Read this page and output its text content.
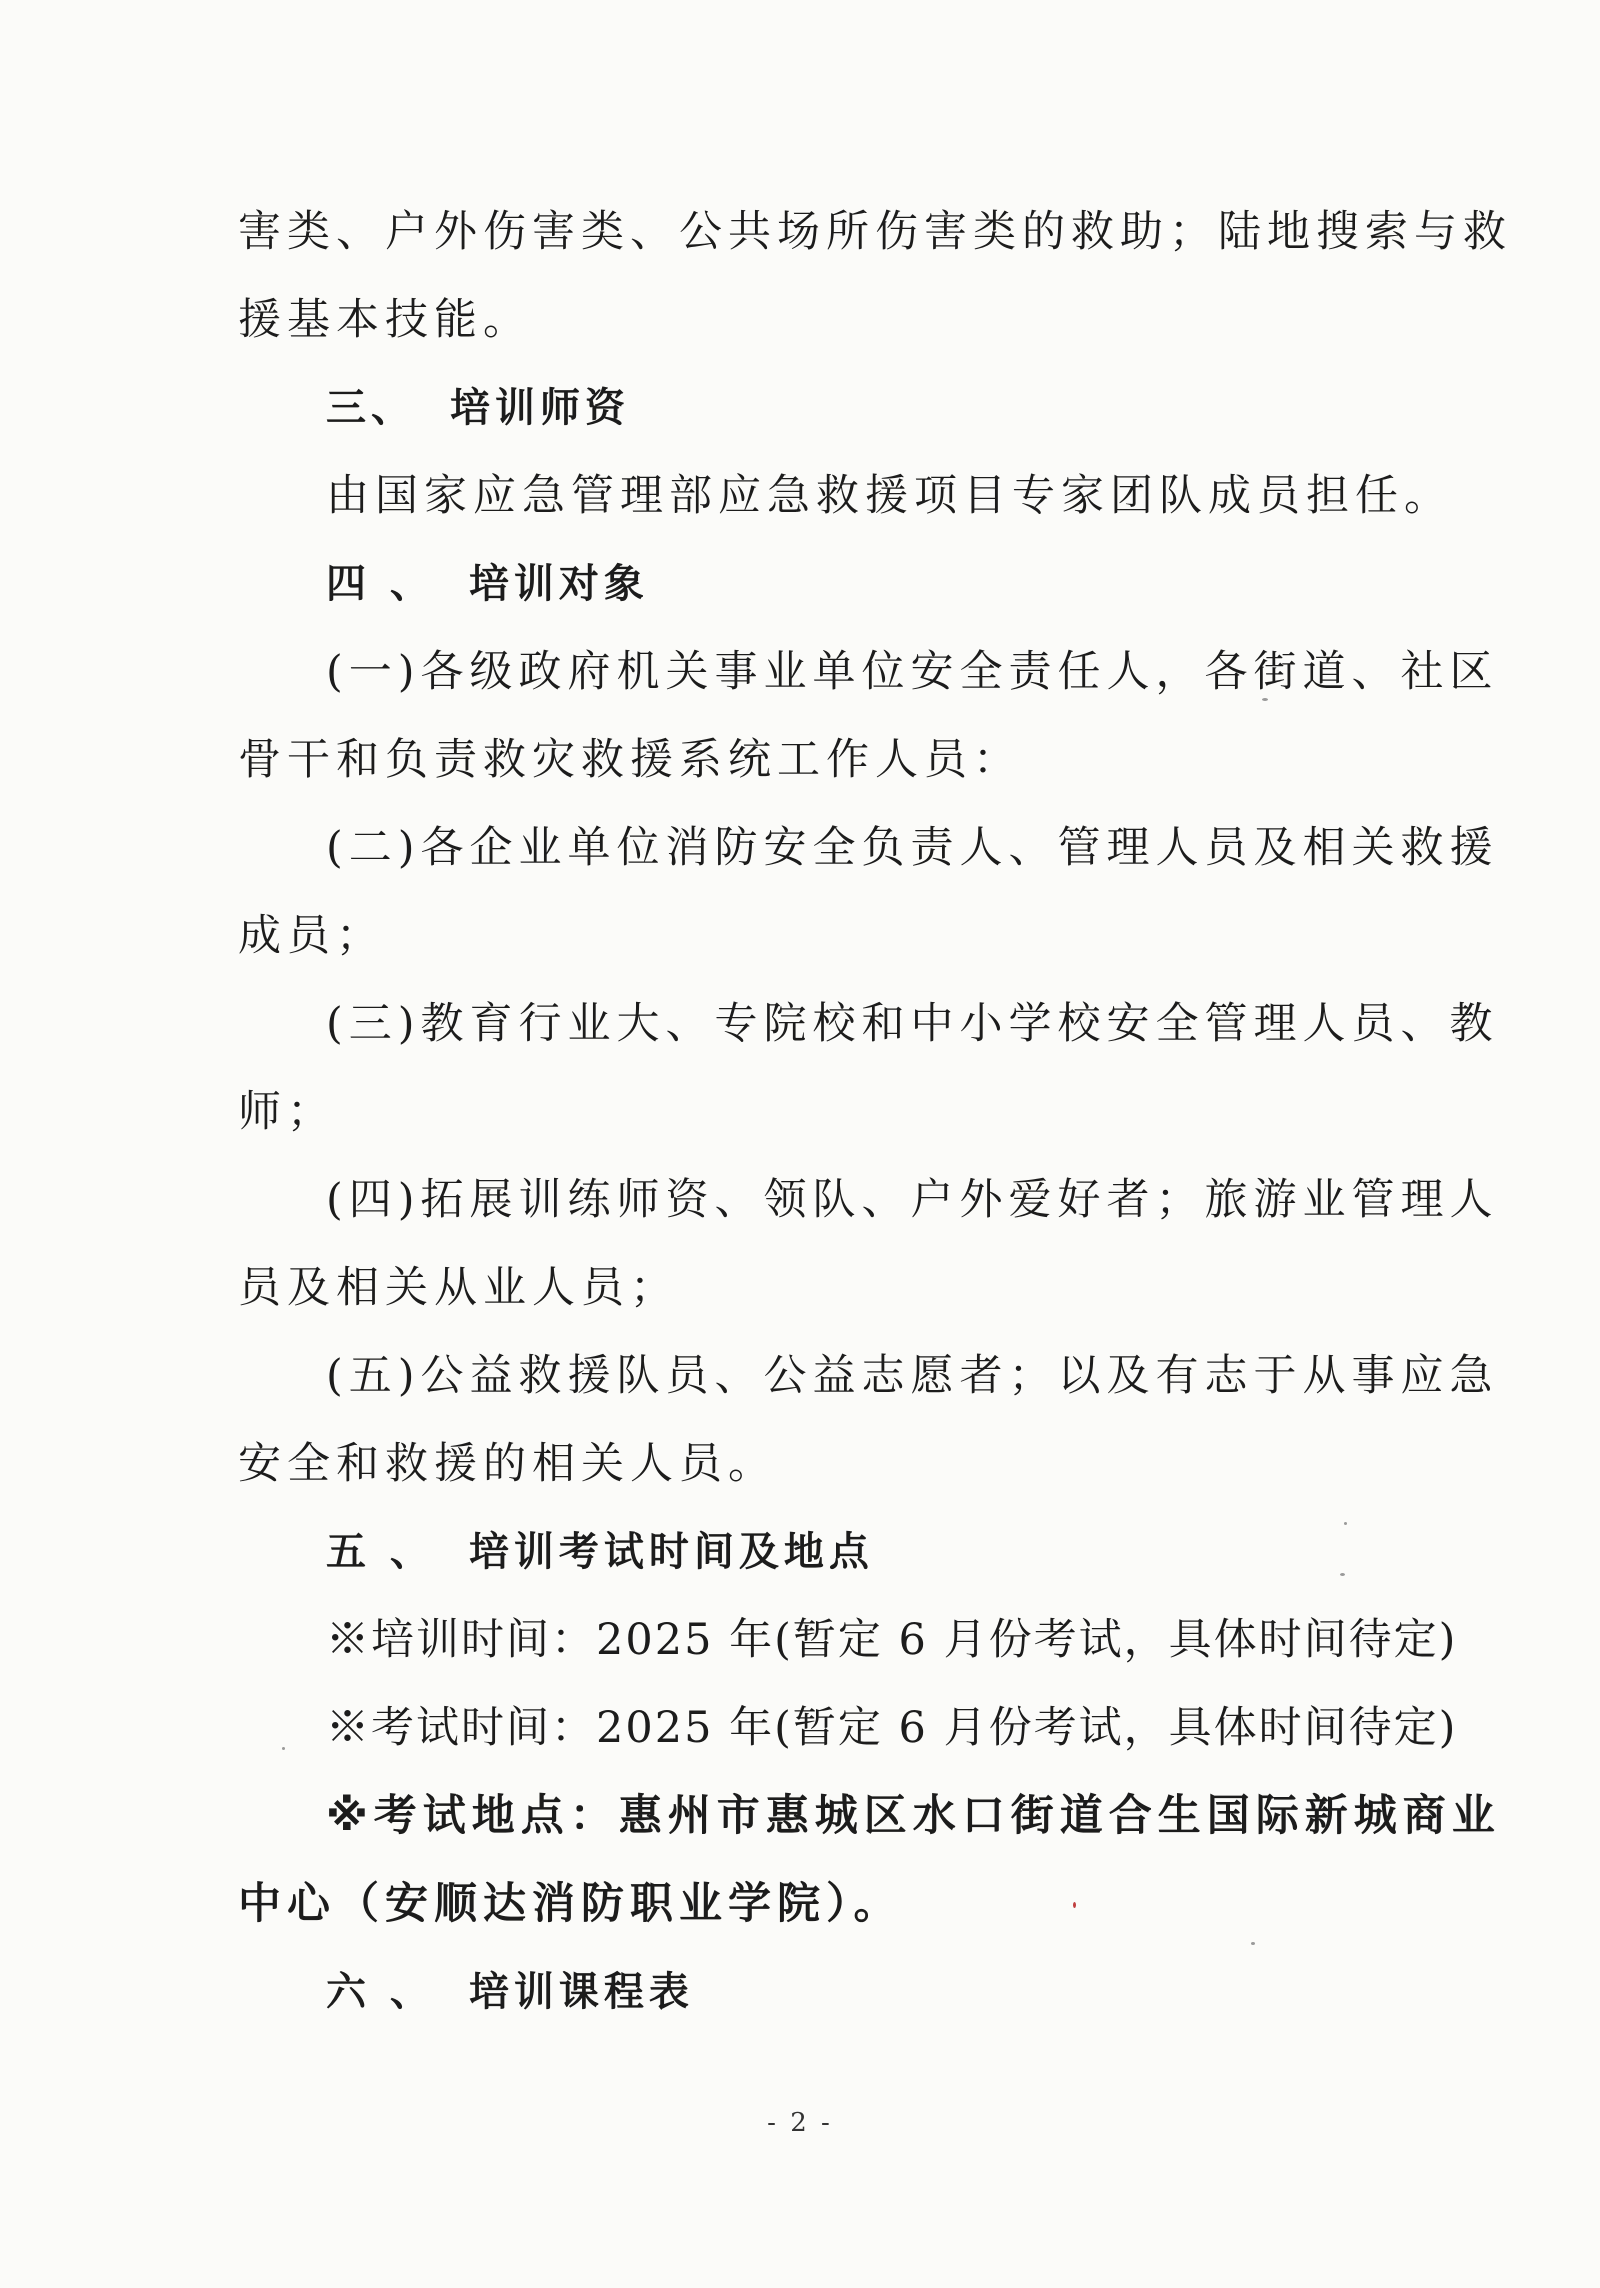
害类、户外伤害类、公共场所伤害类的救助；陆地搜索与救
援基本技能。
三、 培训师资
由国家应急管理部应急救援项目专家团队成员担任。
四 、 培训对象
(一)各级政府机关事业单位安全责任人，各街道、社区
骨干和负责救灾救援系统工作人员：
(二)各企业单位消防安全负责人、管理人员及相关救援
成员；
(三)教育行业大、专院校和中小学校安全管理人员、教
师；
(四)拓展训练师资、领队、户外爱好者；旅游业管理人
员及相关从业人员；
(五)公益救援队员、公益志愿者；以及有志于从事应急
安全和救援的相关人员。
五 、 培训考试时间及地点
※培训时间：2025 年(暂定 6 月份考试，具体时间待定)
※考试时间：2025 年(暂定 6 月份考试，具体时间待定)
※考试地点：惠州市惠城区水口街道合生国际新城商业
中心（安顺达消防职业学院）。
六 、 培训课程表
- 2 -
